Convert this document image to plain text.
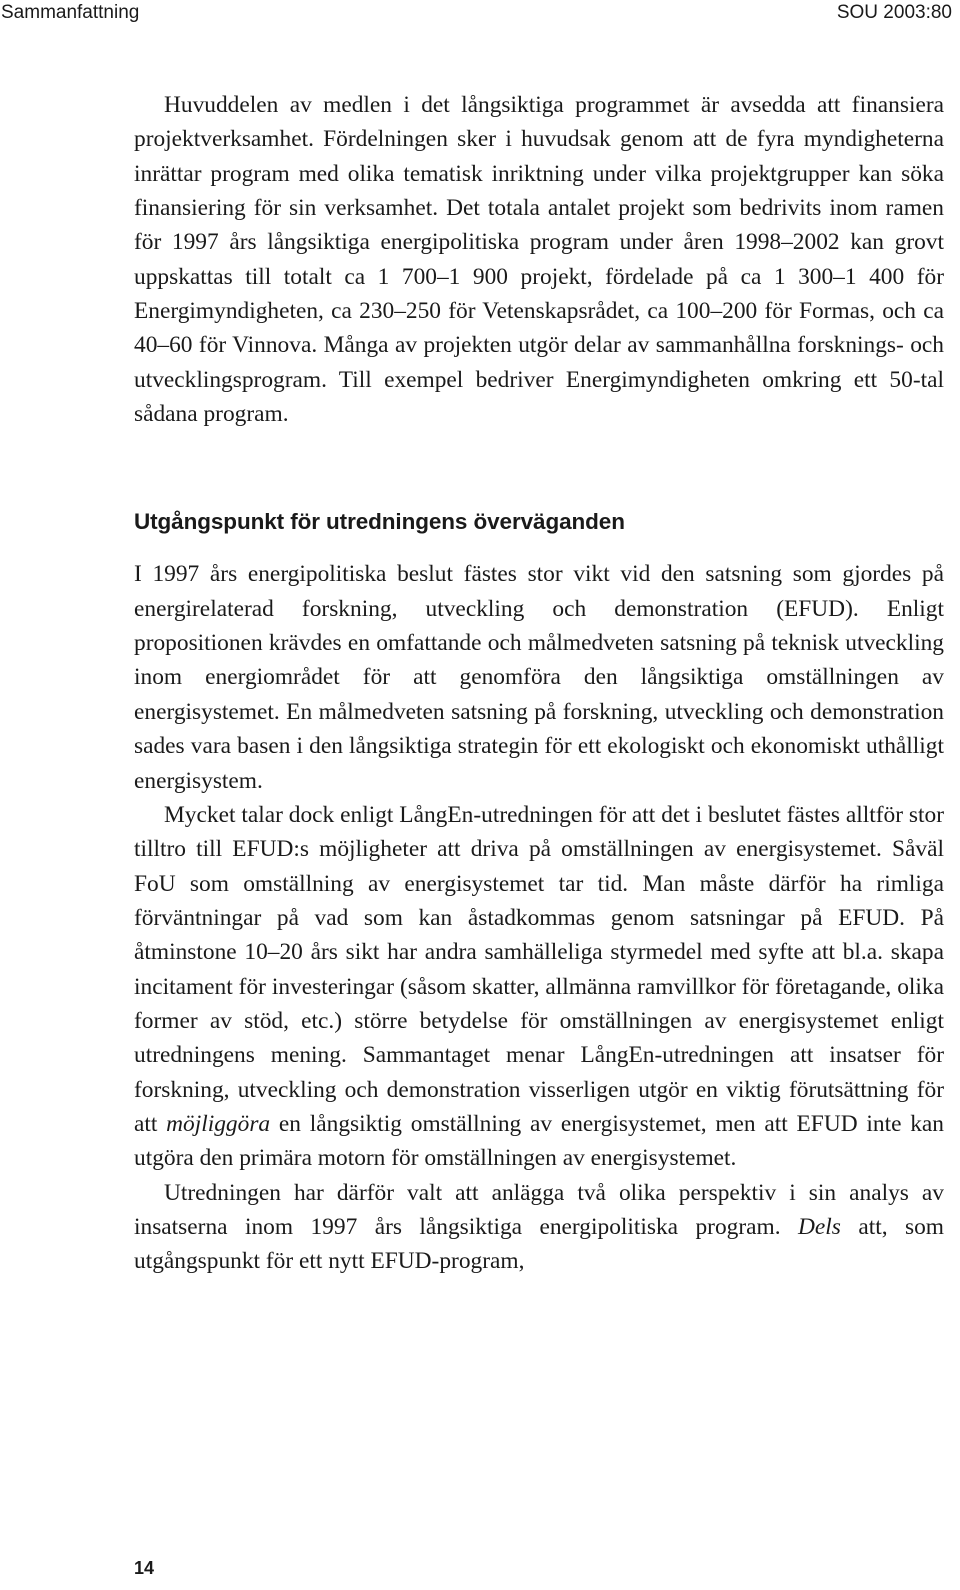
Sammanfattning	SOU 2003:80

Huvuddelen av medlen i det långsiktiga programmet är avsedda att finansiera projektverksamhet. Fördelningen sker i huvudsak genom att de fyra myndigheterna inrättar program med olika tematisk inriktning under vilka projektgrupper kan söka finansiering för sin verksamhet. Det totala antalet projekt som bedrivits inom ramen för 1997 års långsiktiga energipolitiska program under åren 1998–2002 kan grovt uppskattas till totalt ca 1 700–1 900 projekt, fördelade på ca 1 300–1 400 för Energimyndigheten, ca 230–250 för Vetenskapsrådet, ca 100–200 för Formas, och ca 40–60 för Vinnova. Många av projekten utgör delar av sammanhållna forsknings- och utvecklingsprogram. Till exempel bedriver Energimyndigheten omkring ett 50-tal sådana program.

Utgångspunkt för utredningens överväganden

I 1997 års energipolitiska beslut fästes stor vikt vid den satsning som gjordes på energirelaterad forskning, utveckling och demonstration (EFUD). Enligt propositionen krävdes en omfattande och målmedveten satsning på teknisk utveckling inom energiområdet för att genomföra den långsiktiga omställningen av energisystemet. En målmedveten satsning på forskning, utveckling och demonstration sades vara basen i den långsiktiga strategin för ett ekologiskt och ekonomiskt uthålligt energisystem.

Mycket talar dock enligt LångEn-utredningen för att det i beslutet fästes alltför stor tilltro till EFUD:s möjligheter att driva på omställningen av energisystemet. Såväl FoU som omställning av energisystemet tar tid. Man måste därför ha rimliga förväntningar på vad som kan åstadkommas genom satsningar på EFUD. På åtminstone 10–20 års sikt har andra samhälleliga styrmedel med syfte att bl.a. skapa incitament för investeringar (såsom skatter, allmänna ramvillkor för företagande, olika former av stöd, etc.) större betydelse för omställningen av energisystemet enligt utredningens mening. Sammantaget menar LångEn-utredningen att insatser för forskning, utveckling och demonstration visserligen utgör en viktig förutsättning för att möjliggöra en långsiktig omställning av energisystemet, men att EFUD inte kan utgöra den primära motorn för omställningen av energisystemet.

Utredningen har därför valt att anlägga två olika perspektiv i sin analys av insatserna inom 1997 års långsiktiga energipolitiska program. Dels att, som utgångspunkt för ett nytt EFUD-program,

14
